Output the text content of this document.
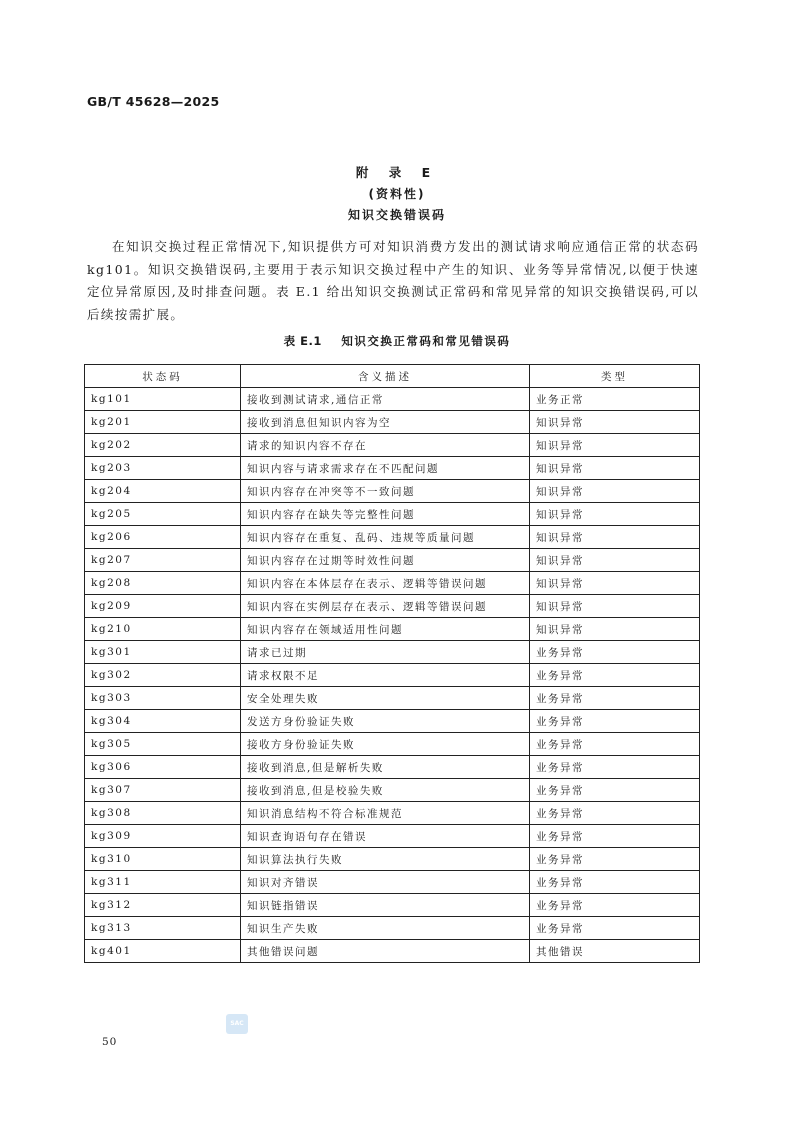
GB/T 45628—2025
附 录 E
(资料性)
知识交换错误码
在知识交换过程正常情况下,知识提供方可对知识消费方发出的测试请求响应通信正常的状态码kg101。知识交换错误码,主要用于表示知识交换过程中产生的知识、业务等异常情况,以便于快速定位异常原因,及时排查问题。表 E.1 给出知识交换测试正常码和常见异常的知识交换错误码,可以后续按需扩展。
表 E.1 知识交换正常码和常见错误码
状态码	含义描述	类型
kg101	接收到测试请求,通信正常	业务正常
kg201	接收到消息但知识内容为空	知识异常
kg202	请求的知识内容不存在	知识异常
kg203	知识内容与请求需求存在不匹配问题	知识异常
kg204	知识内容存在冲突等不一致问题	知识异常
kg205	知识内容存在缺失等完整性问题	知识异常
kg206	知识内容存在重复、乱码、违规等质量问题	知识异常
kg207	知识内容存在过期等时效性问题	知识异常
kg208	知识内容在本体层存在表示、逻辑等错误问题	知识异常
kg209	知识内容在实例层存在表示、逻辑等错误问题	知识异常
kg210	知识内容存在领域适用性问题	知识异常
kg301	请求已过期	业务异常
kg302	请求权限不足	业务异常
kg303	安全处理失败	业务异常
kg304	发送方身份验证失败	业务异常
kg305	接收方身份验证失败	业务异常
kg306	接收到消息,但是解析失败	业务异常
kg307	接收到消息,但是校验失败	业务异常
kg308	知识消息结构不符合标准规范	业务异常
kg309	知识查询语句存在错误	业务异常
kg310	知识算法执行失败	业务异常
kg311	知识对齐错误	业务异常
kg312	知识链指错误	业务异常
kg313	知识生产失败	业务异常
kg401	其他错误问题	其他错误
SAC
50
